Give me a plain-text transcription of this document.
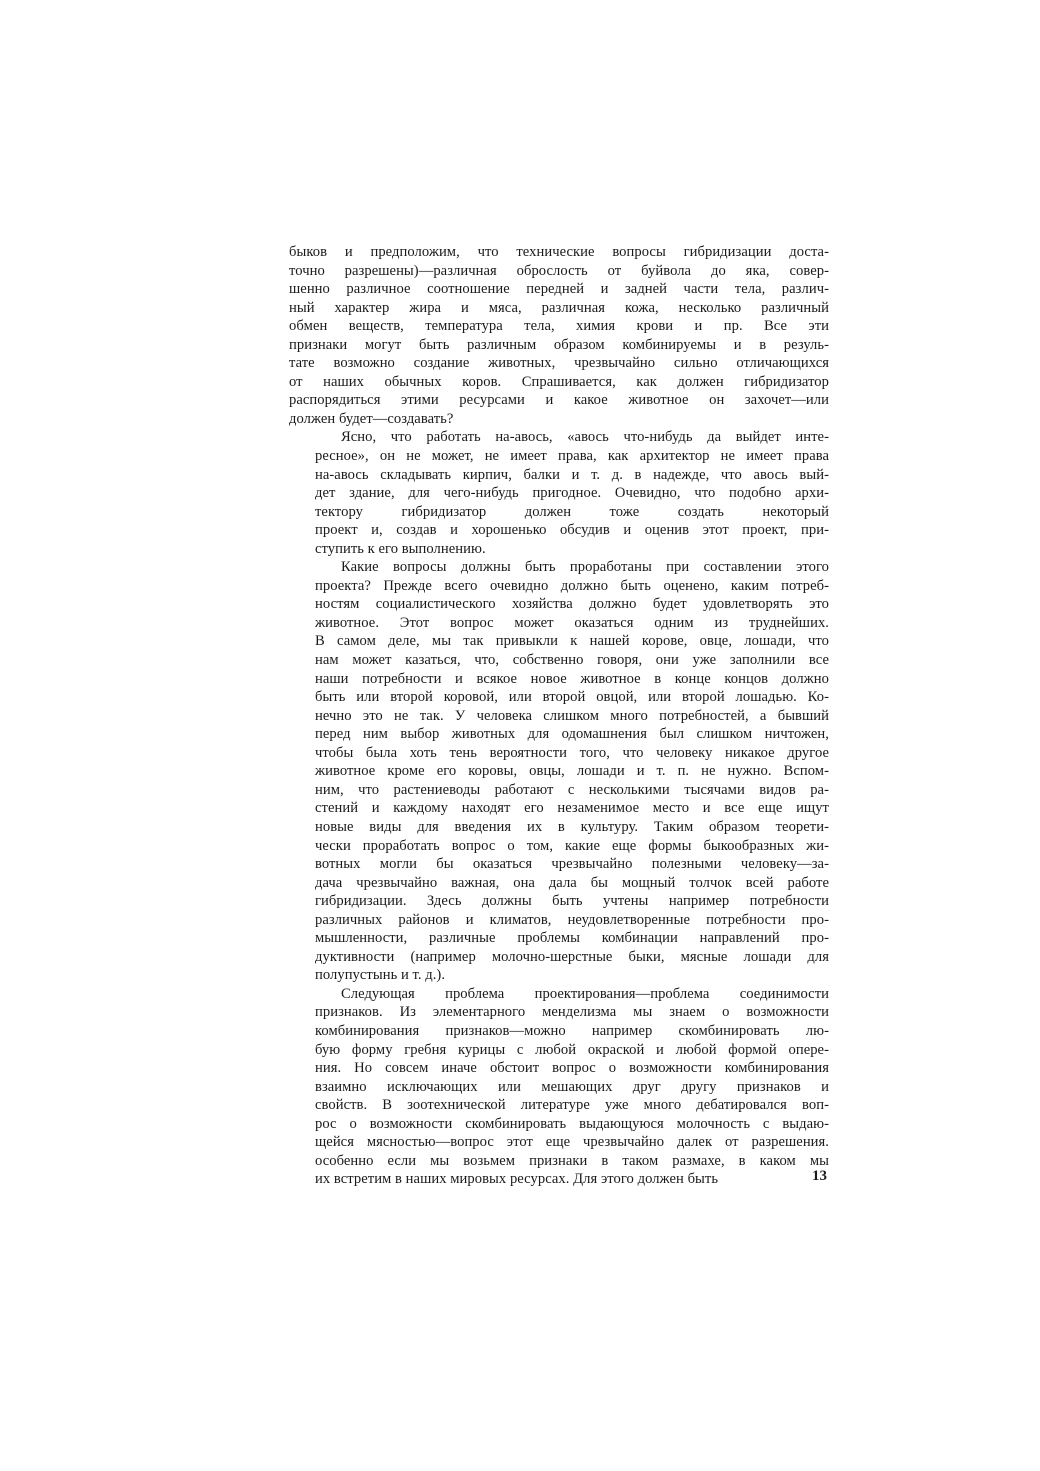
быков и предположим, что технические вопросы гибридизации доста-
точно разрешены)—различная оброслость от буйвола до яка, совер-
шенно различное соотношение передней и задней части тела, различ-
ный характер жира и мяса, различная кожа, несколько различный
обмен веществ, температура тела, химия крови и пр. Все эти
признаки могут быть различным образом комбинируемы и в резуль-
тате возможно создание животных, чрезвычайно сильно отличающихся
от наших обычных коров. Спрашивается, как должен гибридизатор
распорядиться этими ресурсами и какое животное он захочет—или
должен будет—создавать?
Ясно, что работать на-авось, «авось что-нибудь да выйдет инте-
ресное», он не может, не имеет права, как архитектор не имеет права
на-авось складывать кирпич, балки и т. д. в надежде, что авось вый-
дет здание, для чего-нибудь пригодное. Очевидно, что подобно архи-
тектору гибридизатор должен тоже создать некоторый
проект и, создав и хорошенько обсудив и оценив этот проект, при-
ступить к его выполнению.
Какие вопросы должны быть проработаны при составлении этого
проекта? Прежде всего очевидно должно быть оценено, каким потреб-
ностям социалистического хозяйства должно будет удовлетворять это
животное. Этот вопрос может оказаться одним из труднейших.
В самом деле, мы так привыкли к нашей корове, овце, лошади, что
нам может казаться, что, собственно говоря, они уже заполнили все
наши потребности и всякое новое животное в конце концов должно
быть или второй коровой, или второй овцой, или второй лошадью. Ко-
нечно это не так. У человека слишком много потребностей, а бывший
перед ним выбор животных для одомашнения был слишком ничтожен,
чтобы была хоть тень вероятности того, что человеку никакое другое
животное кроме его коровы, овцы, лошади и т. п. не нужно. Вспом-
ним, что растениеводы работают с несколькими тысячами видов ра-
стений и каждому находят его незаменимое место и все еще ищут
новые виды для введения их в культуру. Таким образом теорети-
чески проработать вопрос о том, какие еще формы быкообразных жи-
вотных могли бы оказаться чрезвычайно полезными человеку—за-
дача чрезвычайно важная, она дала бы мощный толчок всей работе
гибридизации. Здесь должны быть учтены например потребности
различных районов и климатов, неудовлетворенные потребности про-
мышленности, различные проблемы комбинации направлений про-
дуктивности (например молочно-шерстные быки, мясные лошади для
полупустынь и т. д.).
Следующая проблема проектирования—проблема соединимости
признаков. Из элементарного менделизма мы знаем о возможности
комбинирования признаков—можно например скомбинировать лю-
бую форму гребня курицы с любой окраской и любой формой опере-
ния. Но совсем иначе обстоит вопрос о возможности комбинирования
взаимно исключающих или мешающих друг другу признаков и
свойств. В зоотехнической литературе уже много дебатировался воп-
рос о возможности скомбинировать выдающуюся молочность с выдаю-
щейся мясностью—вопрос этот еще чрезвычайно далек от разрешения.
особенно если мы возьмем признаки в таком размахе, в каком мы
их встретим в наших мировых ресурсах. Для этого должен быть	13
